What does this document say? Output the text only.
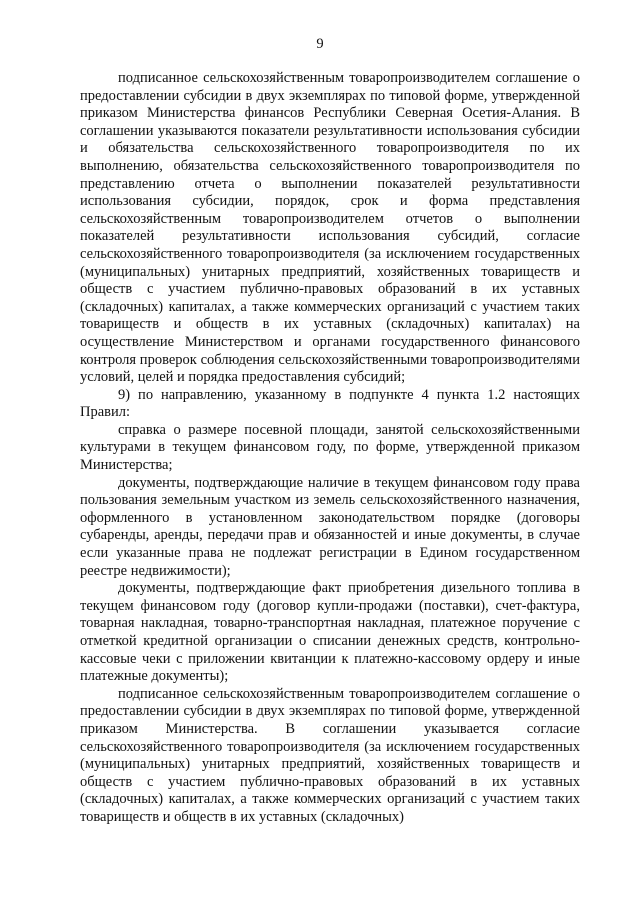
9

подписанное сельскохозяйственным товаропроизводителем соглашение о предоставлении субсидии в двух экземплярах по типовой форме, утвержденной приказом Министерства финансов Республики Северная Осетия-Алания. В соглашении указываются показатели результативности использования субсидии и обязательства сельскохозяйственного товаропроизводителя по их выполнению, обязательства сельскохозяйственного товаропроизводителя по представлению отчета о выполнении показателей результативности использования субсидии, порядок, срок и форма представления сельскохозяйственным товаропроизводителем отчетов о выполнении показателей результативности использования субсидий, согласие сельскохозяйственного товаропроизводителя (за исключением государственных (муниципальных) унитарных предприятий, хозяйственных товариществ и обществ с участием публично-правовых образований в их уставных (складочных) капиталах, а также коммерческих организаций с участием таких товариществ и обществ в их уставных (складочных) капиталах) на осуществление Министерством и органами государственного финансового контроля проверок соблюдения сельскохозяйственными товаропроизводителями условий, целей и порядка предоставления субсидий;

9) по направлению, указанному в подпункте 4 пункта 1.2 настоящих Правил:

справка о размере посевной площади, занятой сельскохозяйственными культурами в текущем финансовом году, по форме, утвержденной приказом Министерства;

документы, подтверждающие наличие в текущем финансовом году права пользования земельным участком из земель сельскохозяйственного назначения, оформленного в установленном законодательством порядке (договоры субаренды, аренды, передачи прав и обязанностей и иные документы, в случае если указанные права не подлежат регистрации в Едином государственном реестре недвижимости);

документы, подтверждающие факт приобретения дизельного топлива в текущем финансовом году (договор купли-продажи (поставки), счет-фактура, товарная накладная, товарно-транспортная накладная, платежное поручение с отметкой кредитной организации о списании денежных средств, контрольно-кассовые чеки с приложении квитанции к платежно-кассовому ордеру и иные платежные документы);

подписанное сельскохозяйственным товаропроизводителем соглашение о предоставлении субсидии в двух экземплярах по типовой форме, утвержденной приказом Министерства. В соглашении указывается согласие сельскохозяйственного товаропроизводителя (за исключением государственных (муниципальных) унитарных предприятий, хозяйственных товариществ и обществ с участием публично-правовых образований в их уставных (складочных) капиталах, а также коммерческих организаций с участием таких товариществ и обществ в их уставных (складочных)
